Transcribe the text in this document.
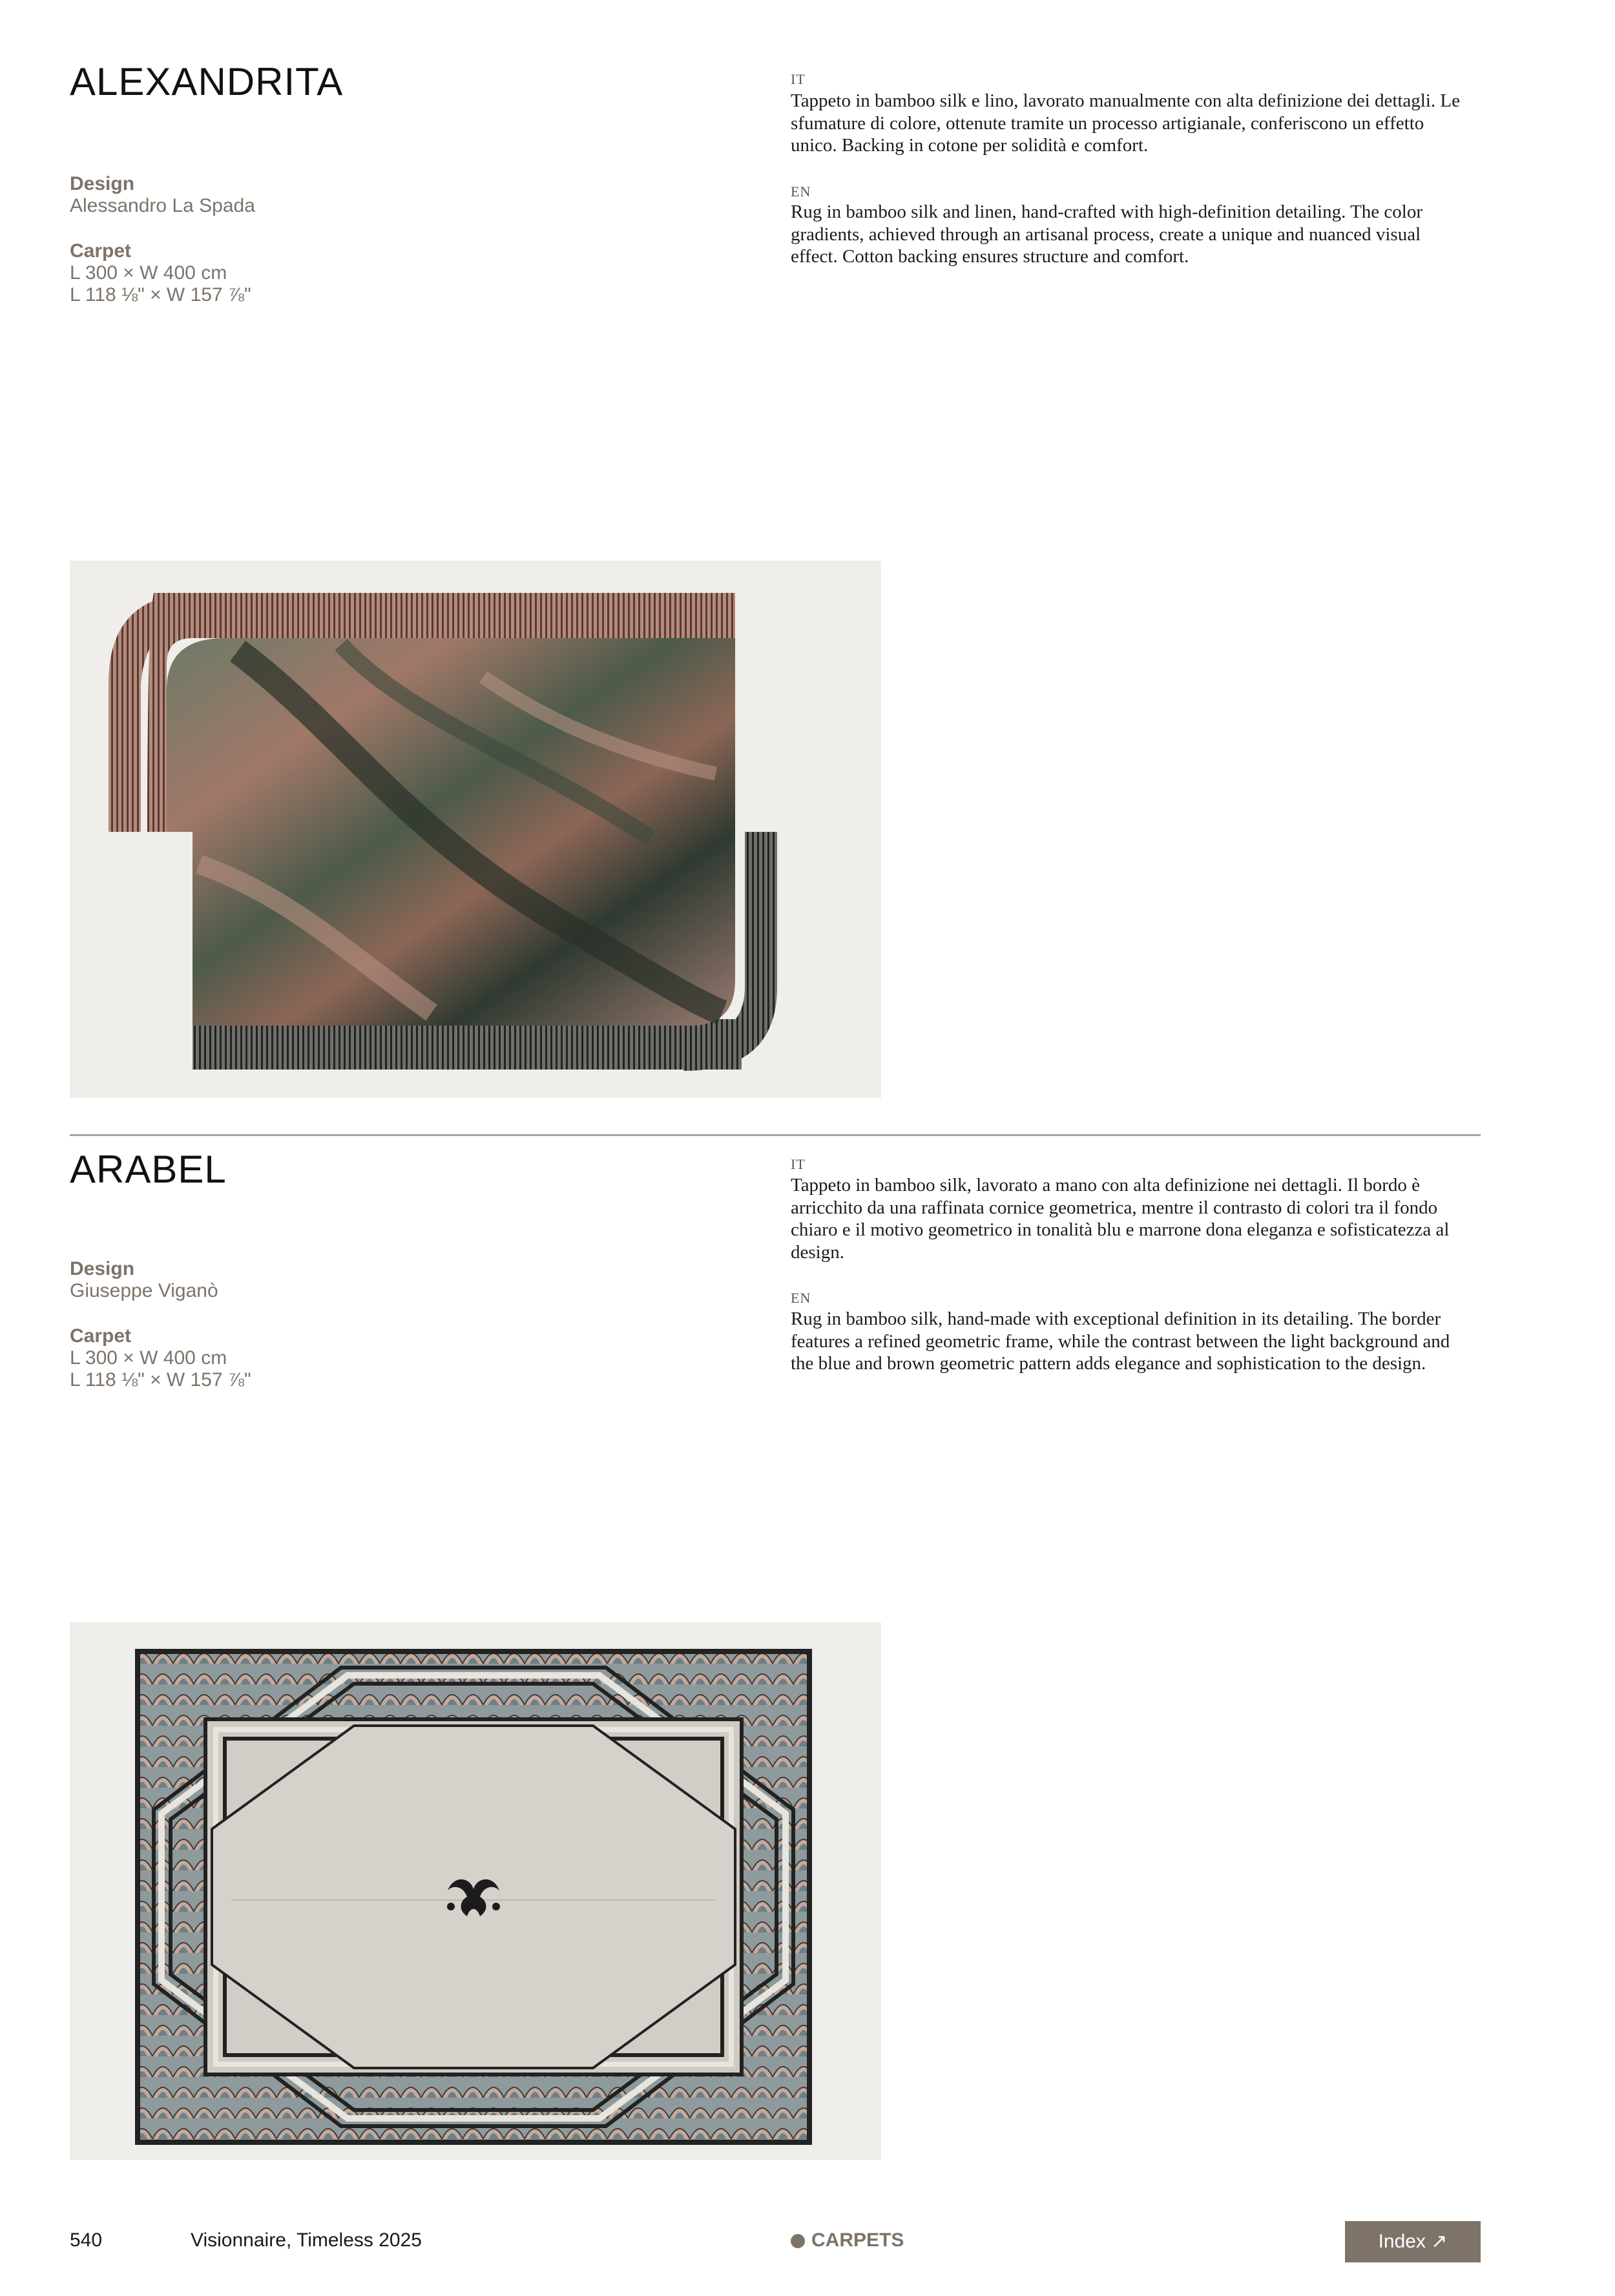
ALEXANDRITA
Design
Alessandro La Spada
Carpet
L 300 × W 400 cm
L 118 ⅛" × W 157 ⅞"
IT
Tappeto in bamboo silk e lino, lavorato manualmente con alta definizione dei dettagli. Le sfumature di colore, ottenute tramite un processo artigianale, conferiscono un effetto unico. Backing in cotone per solidità e comfort.
EN
Rug in bamboo silk and linen, hand-crafted with high-definition detailing. The color gradients, achieved through an artisanal process, create a unique and nuanced visual effect. Cotton backing ensures structure and comfort.
ARABEL
Design
Giuseppe Viganò
Carpet
L 300 × W 400 cm
L 118 ⅛" × W 157 ⅞"
IT
Tappeto in bamboo silk, lavorato a mano con alta definizione nei dettagli. Il bordo è arricchito da una raffinata cornice geometrica, mentre il contrasto di colori tra il fondo chiaro e il motivo geometrico in tonalità blu e marrone dona eleganza e sofisticatezza al design.
EN
Rug in bamboo silk, hand-made with exceptional definition in its detailing. The border features a refined geometric frame, while the contrast between the light background and the blue and brown geometric pattern adds elegance and sophistication to the design.
540	Visionnaire, Timeless 2025	CARPETS	Index ↗
